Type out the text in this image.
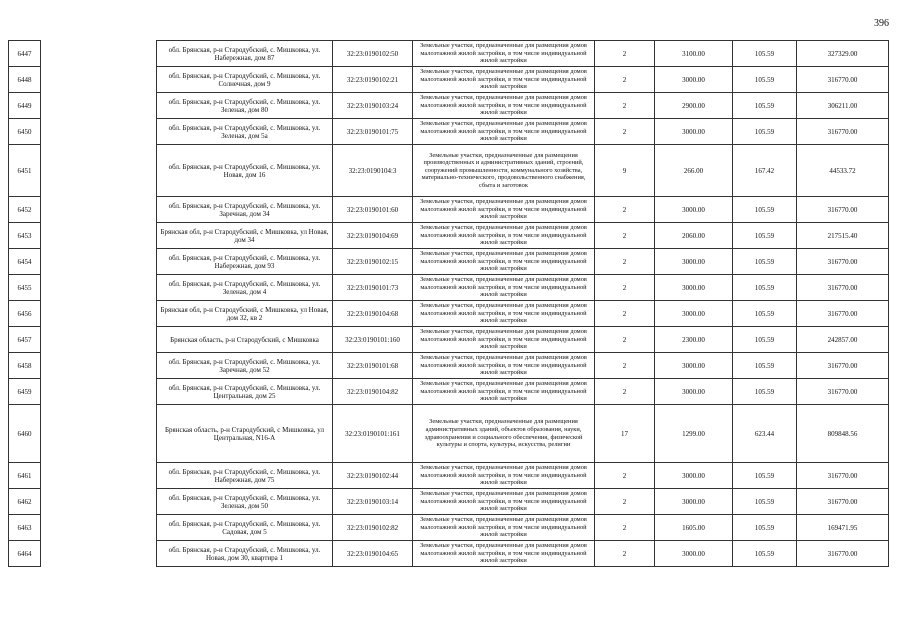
396
6447		обл. Брянская, р-н Стародубский, с. Мишковка, ул. Набережная, дом 87	32:23:0190102:50	Земельные участки, предназначенные для размещения домов малоэтажной жилой застройки, в том числе индивидуальной жилой застройки	2	3100.00	105.59	327329.00
6448		обл. Брянская, р-н Стародубский, с. Мишковка, ул. Солнечная, дом 9	32:23:0190102:21	Земельные участки, предназначенные для размещения домов малоэтажной жилой застройки, в том числе индивидуальной жилой застройки	2	3000.00	105.59	316770.00
6449		обл. Брянская, р-н Стародубский, с. Мишковка, ул. Зеленая, дом 80	32:23:0190103:24	Земельные участки, предназначенные для размещения домов малоэтажной жилой застройки, в том числе индивидуальной жилой застройки	2	2900.00	105.59	306211.00
6450		обл. Брянская, р-н Стародубский, с. Мишковка, ул. Зеленая, дом 5а	32:23:0190101:75	Земельные участки, предназначенные для размещения домов малоэтажной жилой застройки, в том числе индивидуальной жилой застройки	2	3000.00	105.59	316770.00
6451		обл. Брянская, р-н Стародубский, с. Мишковка, ул. Новая, дом 16	32:23:0190104:3	Земельные участки, предназначенные для размещения производственных и административных зданий, строений, сооружений промышленности, коммунального хозяйства, материально-технического, продовольственного снабжения, сбыта и заготовок	9	266.00	167.42	44533.72
6452		обл. Брянская, р-н Стародубский, с. Мишковка, ул. Заречная, дом 34	32:23:0190101:60	Земельные участки, предназначенные для размещения домов малоэтажной жилой застройки, в том числе индивидуальной жилой застройки	2	3000.00	105.59	316770.00
6453		Брянская обл, р-н Стародубский, с Мишковка, ул Новая, дом 34	32:23:0190104:69	Земельные участки, предназначенные для размещения домов малоэтажной жилой застройки, в том числе индивидуальной жилой застройки	2	2060.00	105.59	217515.40
6454		обл. Брянская, р-н Стародубский, с. Мишковка, ул. Набережная, дом 93	32:23:0190102:15	Земельные участки, предназначенные для размещения домов малоэтажной жилой застройки, в том числе индивидуальной жилой застройки	2	3000.00	105.59	316770.00
6455		обл. Брянская, р-н Стародубский, с. Мишковка, ул. Зеленая, дом 4	32:23:0190101:73	Земельные участки, предназначенные для размещения домов малоэтажной жилой застройки, в том числе индивидуальной жилой застройки	2	3000.00	105.59	316770.00
6456		Брянская обл, р-н Стародубский, с Мишковка, ул Новая, дом 32, кв 2	32:23:0190104:68	Земельные участки, предназначенные для размещения домов малоэтажной жилой застройки, в том числе индивидуальной жилой застройки	2	3000.00	105.59	316770.00
6457		Брянская область, р-н Стародубский, с Мишковка	32:23:0190101:160	Земельные участки, предназначенные для размещения домов малоэтажной жилой застройки, в том числе индивидуальной жилой застройки	2	2300.00	105.59	242857.00
6458		обл. Брянская, р-н Стародубский, с. Мишковка, ул. Заречная, дом 52	32:23:0190101:68	Земельные участки, предназначенные для размещения домов малоэтажной жилой застройки, в том числе индивидуальной жилой застройки	2	3000.00	105.59	316770.00
6459		обл. Брянская, р-н Стародубский, с. Мишковка, ул. Центральная, дом 25	32:23:0190104:82	Земельные участки, предназначенные для размещения домов малоэтажной жилой застройки, в том числе индивидуальной жилой застройки	2	3000.00	105.59	316770.00
6460		Брянская область, р-н Стародубский, с Мишковка, ул Центральная, N16-А	32:23:0190101:161	Земельные участки, предназначенные для размещения административных зданий, объектов образования, науки, здравоохранения и социального обеспечения, физической культуры и спорта, культуры, искусства, религии	17	1299.00	623.44	809848.56
6461		обл. Брянская, р-н Стародубский, с. Мишковка, ул. Набережная, дом 75	32:23:0190102:44	Земельные участки, предназначенные для размещения домов малоэтажной жилой застройки, в том числе индивидуальной жилой застройки	2	3000.00	105.59	316770.00
6462		обл. Брянская, р-н Стародубский, с. Мишковка, ул. Зеленая, дом 50	32:23:0190103:14	Земельные участки, предназначенные для размещения домов малоэтажной жилой застройки, в том числе индивидуальной жилой застройки	2	3000.00	105.59	316770.00
6463		обл. Брянская, р-н Стародубский, с. Мишковка, ул. Садовая, дом 5	32:23:0190102:82	Земельные участки, предназначенные для размещения домов малоэтажной жилой застройки, в том числе индивидуальной жилой застройки	2	1605.00	105.59	169471.95
6464		обл. Брянская, р-н Стародубский, с. Мишковка, ул. Новая, дом 30, квартира 1	32:23:0190104:65	Земельные участки, предназначенные для размещения домов малоэтажной жилой застройки, в том числе индивидуальной жилой застройки	2	3000.00	105.59	316770.00
